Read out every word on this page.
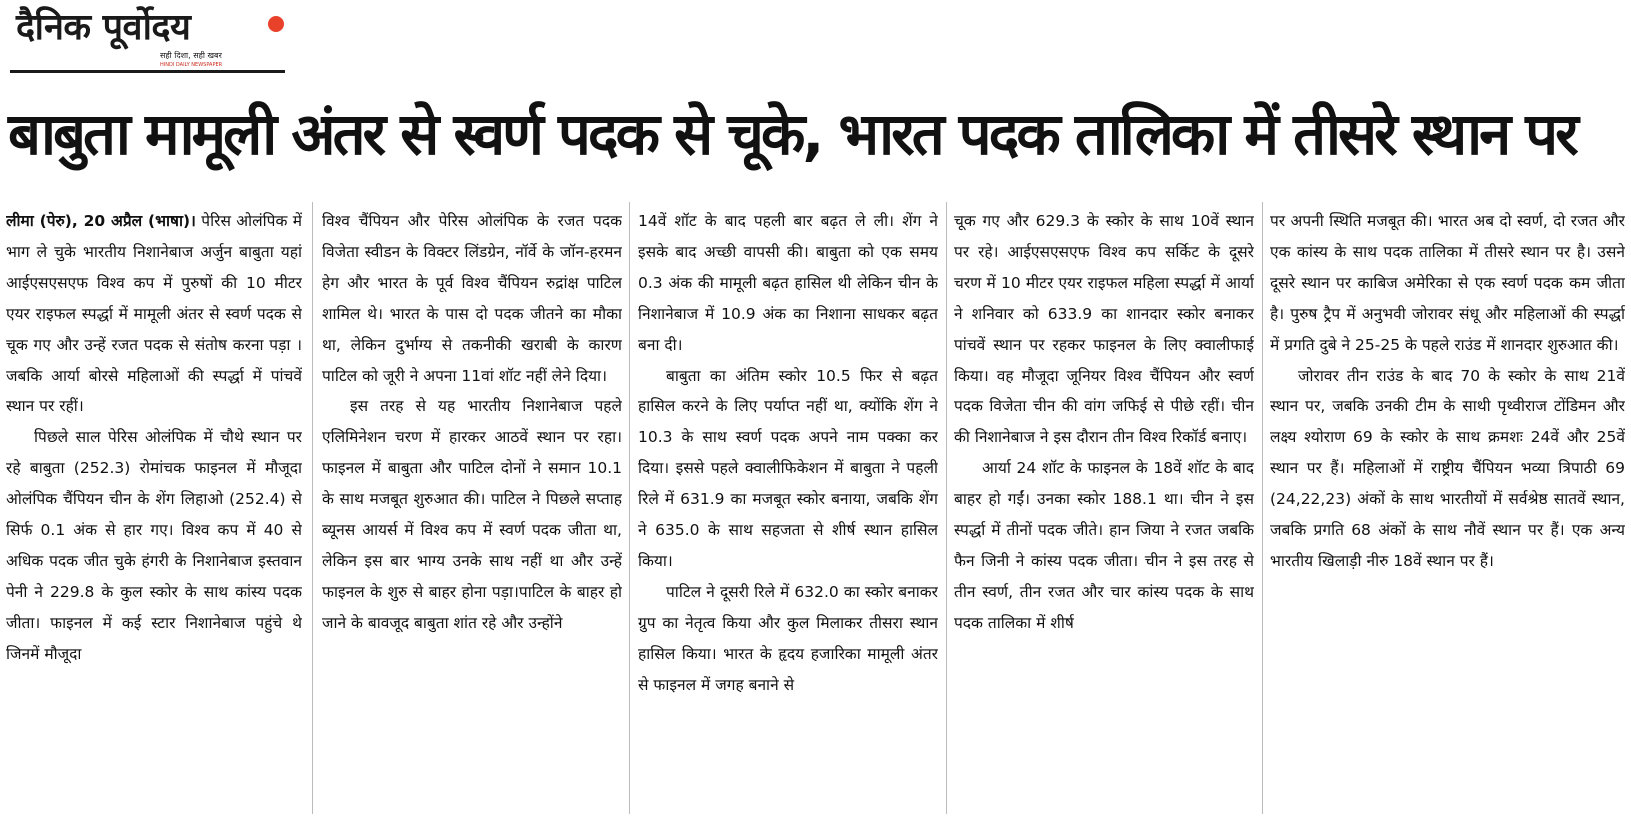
दैनिक पूर्वोदय
सही दिशा, सही खबर
HINDI DAILY NEWSPAPER
बाबुता मामूली अंतर से स्वर्ण पदक से चूके, भारत पदक तालिका में तीसरे स्थान पर

लीमा (पेरु), 20 अप्रैल (भाषा)। पेरिस ओलंपिक में भाग ले चुके भारतीय निशानेबाज अर्जुन बाबुता यहां आईएसएसएफ विश्व कप में पुरुषों की 10 मीटर एयर राइफल स्पर्द्धा में मामूली अंतर से स्वर्ण पदक से चूक गए और उन्हें रजत पदक से संतोष करना पड़ा । जबकि आर्या बोरसे महिलाओं की स्पर्द्धा में पांचवें स्थान पर रहीं।

पिछले साल पेरिस ओलंपिक में चौथे स्थान पर रहे बाबुता (252.3) रोमांचक फाइनल में मौजूदा ओलंपिक चैंपियन चीन के शेंग लिहाओ (252.4) से सिर्फ 0.1 अंक से हार गए। विश्व कप में 40 से अधिक पदक जीत चुके हंगरी के निशानेबाज इस्तवान पेनी ने 229.8 के कुल स्कोर के साथ कांस्य पदक जीता। फाइनल में कई स्टार निशानेबाज पहुंचे थे जिनमें मौजूदा

विश्व चैंपियन और पेरिस ओलंपिक के रजत पदक विजेता स्वीडन के विक्टर लिंडग्रेन, नॉर्वे के जॉन-हरमन हेग और भारत के पूर्व विश्व चैंपियन रुद्रांक्ष पाटिल शामिल थे। भारत के पास दो पदक जीतने का मौका था, लेकिन दुर्भाग्य से तकनीकी खराबी के कारण पाटिल को जूरी ने अपना 11वां शॉट नहीं लेने दिया।

इस तरह से यह भारतीय निशानेबाज पहले एलिमिनेशन चरण में हारकर आठवें स्थान पर रहा। फाइनल में बाबुता और पाटिल दोनों ने समान 10.1 के साथ मजबूत शुरुआत की। पाटिल ने पिछले सप्ताह ब्यूनस आयर्स में विश्व कप में स्वर्ण पदक जीता था, लेकिन इस बार भाग्य उनके साथ नहीं था और उन्हें फाइनल के शुरु से बाहर होना पड़ा।पाटिल के बाहर हो जाने के बावजूद बाबुता शांत रहे और उन्होंने

14वें शॉट के बाद पहली बार बढ़त ले ली। शेंग ने इसके बाद अच्छी वापसी की। बाबुता को एक समय 0.3 अंक की मामूली बढ़त हासिल थी लेकिन चीन के निशानेबाज में 10.9 अंक का निशाना साधकर बढ़त बना दी।

बाबुता का अंतिम स्कोर 10.5 फिर से बढ़त हासिल करने के लिए पर्याप्त नहीं था, क्योंकि शेंग ने 10.3 के साथ स्वर्ण पदक अपने नाम पक्का कर दिया। इससे पहले क्वालीफिकेशन में बाबुता ने पहली रिले में 631.9 का मजबूत स्कोर बनाया, जबकि शेंग ने 635.0 के साथ सहजता से शीर्ष स्थान हासिल किया।

पाटिल ने दूसरी रिले में 632.0 का स्कोर बनाकर ग्रुप का नेतृत्व किया और कुल मिलाकर तीसरा स्थान हासिल किया। भारत के हृदय हजारिका मामूली अंतर से फाइनल में जगह बनाने से

चूक गए और 629.3 के स्कोर के साथ 10वें स्थान पर रहे। आईएसएसएफ विश्व कप सर्किट के दूसरे चरण में 10 मीटर एयर राइफल महिला स्पर्द्धा में आर्या ने शनिवार को 633.9 का शानदार स्कोर बनाकर पांचवें स्थान पर रहकर फाइनल के लिए क्वालीफाई किया। वह मौजूदा जूनियर विश्व चैंपियन और स्वर्ण पदक विजेता चीन की वांग जफिई से पीछे रहीं। चीन की निशानेबाज ने इस दौरान तीन विश्व रिकॉर्ड बनाए।

आर्या 24 शॉट के फाइनल के 18वें शॉट के बाद बाहर हो गईं। उनका स्कोर 188.1 था। चीन ने इस स्पर्द्धा में तीनों पदक जीते। हान जिया ने रजत जबकि फैन जिनी ने कांस्य पदक जीता। चीन ने इस तरह से तीन स्वर्ण, तीन रजत और चार कांस्य पदक के साथ पदक तालिका में शीर्ष

पर अपनी स्थिति मजबूत की। भारत अब दो स्वर्ण, दो रजत और एक कांस्य के साथ पदक तालिका में तीसरे स्थान पर है। उसने दूसरे स्थान पर काबिज अमेरिका से एक स्वर्ण पदक कम जीता है। पुरुष ट्रैप में अनुभवी जोरावर संधू और महिलाओं की स्पर्द्धा में प्रगति दुबे ने 25-25 के पहले राउंड में शानदार शुरुआत की।

जोरावर तीन राउंड के बाद 70 के स्कोर के साथ 21वें स्थान पर, जबकि उनकी टीम के साथी पृथ्वीराज टोंडिमन और लक्ष्य श्योराण 69 के स्कोर के साथ क्रमशः 24वें और 25वें स्थान पर हैं। महिलाओं में राष्ट्रीय चैंपियन भव्या त्रिपाठी 69 (24,22,23) अंकों के साथ भारतीयों में सर्वश्रेष्ठ सातवें स्थान, जबकि प्रगति 68 अंकों के साथ नौवें स्थान पर हैं। एक अन्य भारतीय खिलाड़ी नीरु 18वें स्थान पर हैं।
